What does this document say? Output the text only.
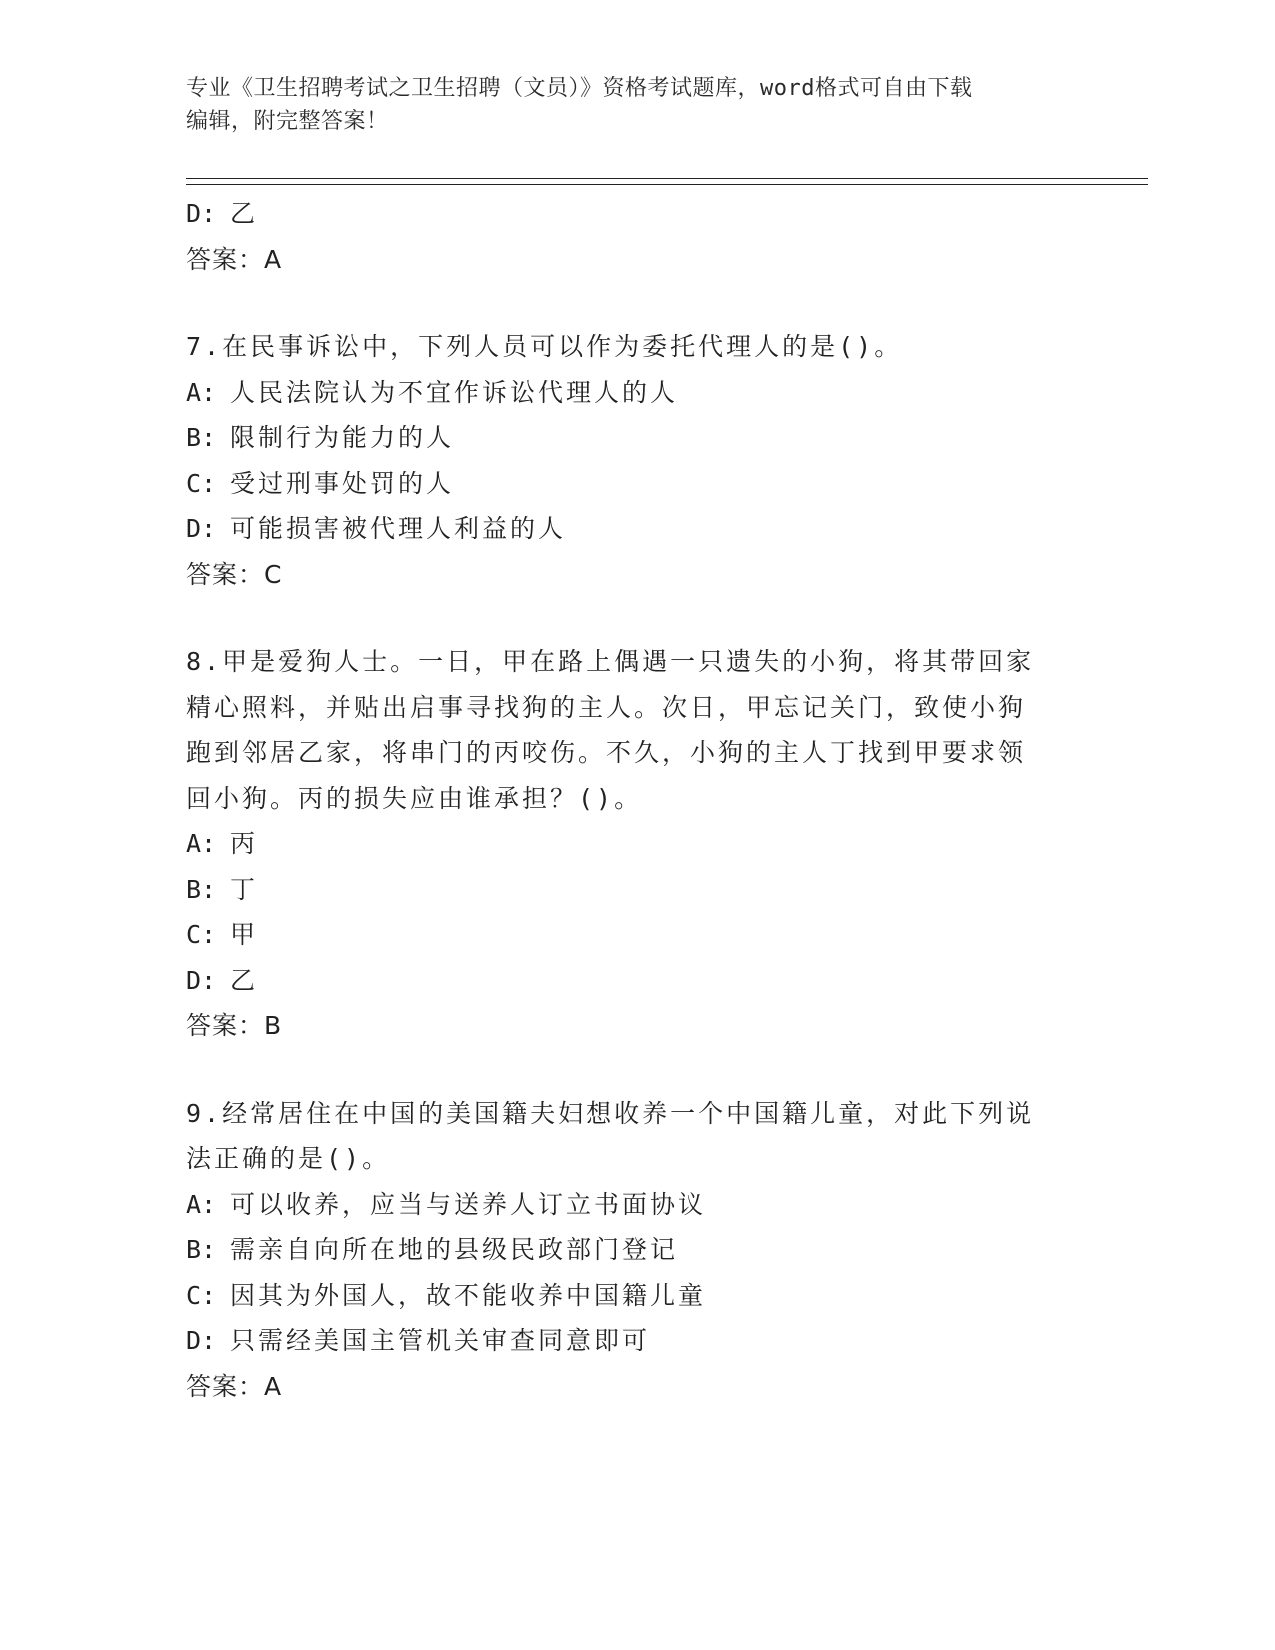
专业《卫生招聘考试之卫生招聘（文员）》资格考试题库，word格式可自由下载
编辑，附完整答案！
D: 乙
答案：A
7.在民事诉讼中，下列人员可以作为委托代理人的是()。
A: 人民法院认为不宜作诉讼代理人的人
B: 限制行为能力的人
C: 受过刑事处罚的人
D: 可能损害被代理人利益的人
答案：C
8.甲是爱狗人士。一日，甲在路上偶遇一只遗失的小狗，将其带回家
精心照料，并贴出启事寻找狗的主人。次日，甲忘记关门，致使小狗
跑到邻居乙家，将串门的丙咬伤。不久，小狗的主人丁找到甲要求领
回小狗。丙的损失应由谁承担？()。
A: 丙
B: 丁
C: 甲
D: 乙
答案：B
9.经常居住在中国的美国籍夫妇想收养一个中国籍儿童，对此下列说
法正确的是()。
A: 可以收养，应当与送养人订立书面协议
B: 需亲自向所在地的县级民政部门登记
C: 因其为外国人，故不能收养中国籍儿童
D: 只需经美国主管机关审查同意即可
答案：A
